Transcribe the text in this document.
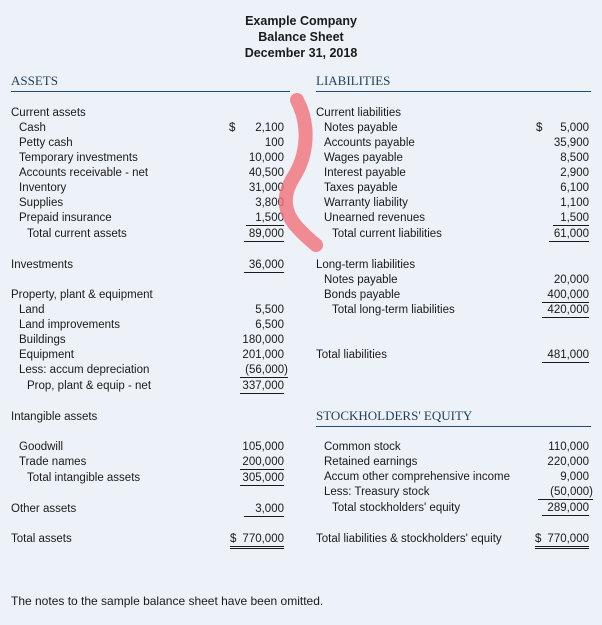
Example Company
Balance Sheet
December 31, 2018
ASSETS	LIABILITIES
Current assets
Cash	$	2,100
Petty cash	100
Temporary investments	10,000
Accounts receivable - net	40,500
Inventory	31,000
Supplies	3,800
Prepaid insurance	1,500
Total current assets	89,000
Investments	36,000
Property, plant & equipment
Land	5,500
Land improvements	6,500
Buildings	180,000
Equipment	201,000
Less: accum depreciation	(56,000)
Prop, plant & equip - net	337,000
Intangible assets
Goodwill	105,000
Trade names	200,000
Total intangible assets	305,000
Other assets	3,000
Total assets	$ 770,000
Current liabilities
Notes payable	$	5,000
Accounts payable	35,900
Wages payable	8,500
Interest payable	2,900
Taxes payable	6,100
Warranty liability	1,100
Unearned revenues	1,500
Total current liabilities	61,000
Long-term liabilities
Notes payable	20,000
Bonds payable	400,000
Total long-term liabilities	420,000
Total liabilities	481,000
STOCKHOLDERS' EQUITY
Common stock	110,000
Retained earnings	220,000
Accum other comprehensive income	9,000
Less: Treasury stock	(50,000)
Total stockholders' equity	289,000
Total liabilities & stockholders' equity	$ 770,000
The notes to the sample balance sheet have been omitted.
